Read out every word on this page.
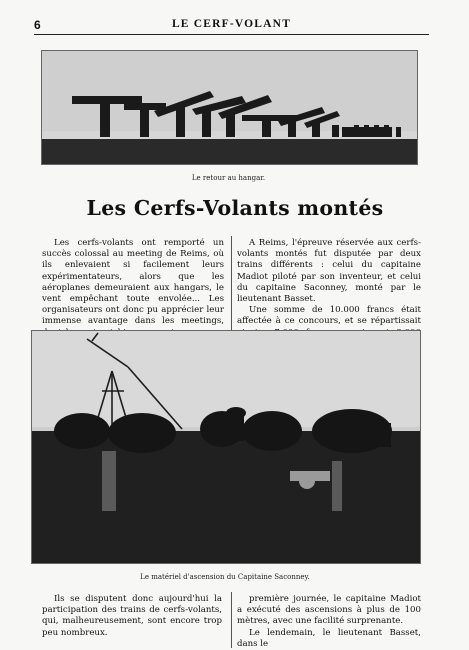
6	LE CERF-VOLANT
Le retour au hangar.
Les Cerfs-Volants montés

Les cerfs-volants ont remporté un succès colossal au meeting de Reims, où ils enlevaient si facilement leurs expérimentateurs, alors que les aéroplanes demeuraient aux hangars, le vent empêchant toute envolée... Les organisateurs ont donc pu apprécier leur immense avantage dans les meetings,

A Reims, l'épreuve réservée aux cerfs-volants montés fut disputée par deux trains différents : celui du capitaine Madiot piloté par son inventeur, et celui du capitaine Saconney, monté par le lieutenant Basset.

Une somme de 10.000 francs était affectée à ce concours, et se répartissait

Le matériel d'ascension du Capitaine Saconney.

Ils se disputent donc aujourd'hui la participation des trains de cerfs-volants, qui, malheureusement, sont encore trop peu nombreux.

première journée, le capitaine Madiot a exécuté des ascensions à plus de 100 mètres, avec une facilité surprenante.

Le lendemain, le lieutenant Basset, dans le
